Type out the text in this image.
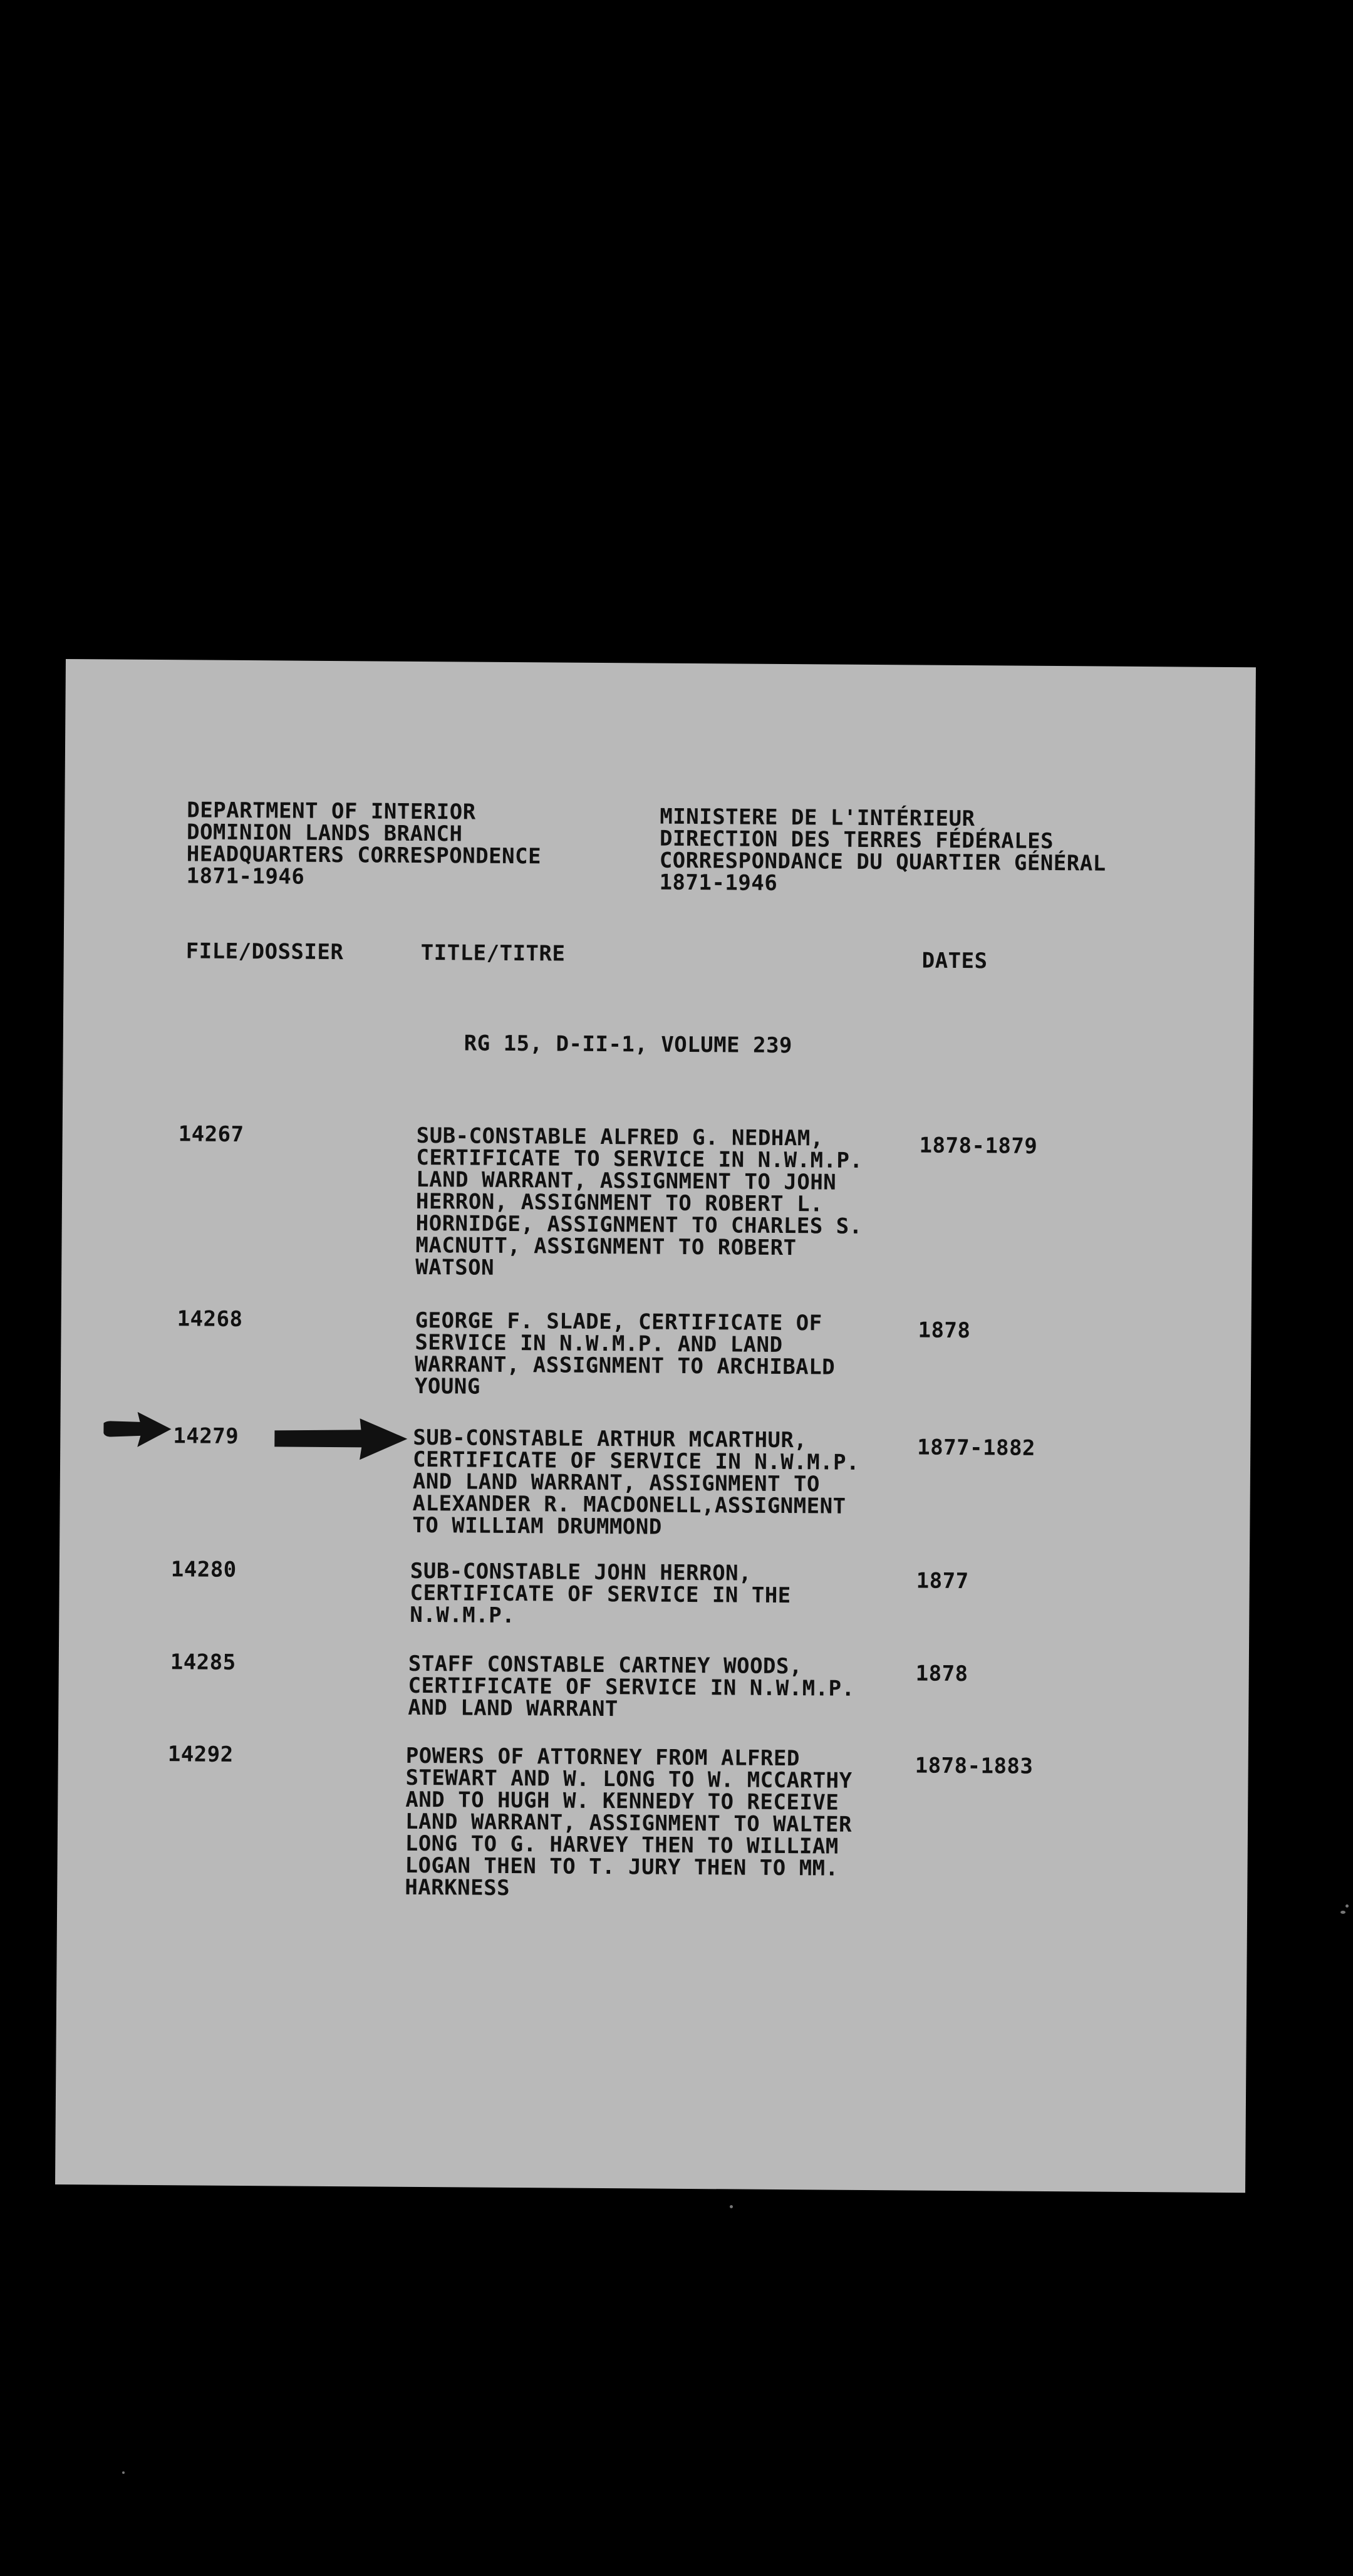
DEPARTMENT OF INTERIOR
DOMINION LANDS BRANCH
HEADQUARTERS CORRESPONDENCE
1871-1946
MINISTERE DE L'INTÉRIEUR
DIRECTION DES TERRES FÉDÉRALES
CORRESPONDANCE DU QUARTIER GÉNÉRAL
1871-1946
FILE/DOSSIER	TITLE/TITRE	DATES
RG 15, D-II-1, VOLUME 239
14267	SUB-CONSTABLE ALFRED G. NEDHAM,
CERTIFICATE TO SERVICE IN N.W.M.P.
LAND WARRANT, ASSIGNMENT TO JOHN
HERRON, ASSIGNMENT TO ROBERT L.
HORNIDGE, ASSIGNMENT TO CHARLES S.
MACNUTT, ASSIGNMENT TO ROBERT
WATSON
1878-1879
14268	GEORGE F. SLADE, CERTIFICATE OF
SERVICE IN N.W.M.P. AND LAND
WARRANT, ASSIGNMENT TO ARCHIBALD
YOUNG
1878
14279	SUB-CONSTABLE ARTHUR MCARTHUR,
CERTIFICATE OF SERVICE IN N.W.M.P.
AND LAND WARRANT, ASSIGNMENT TO
ALEXANDER R. MACDONELL,ASSIGNMENT
TO WILLIAM DRUMMOND
1877-1882
14280	SUB-CONSTABLE JOHN HERRON,
CERTIFICATE OF SERVICE IN THE
N.W.M.P.
1877
14285	STAFF CONSTABLE CARTNEY WOODS,
CERTIFICATE OF SERVICE IN N.W.M.P.
AND LAND WARRANT
1878
14292	POWERS OF ATTORNEY FROM ALFRED
STEWART AND W. LONG TO W. MCCARTHY
AND TO HUGH W. KENNEDY TO RECEIVE
LAND WARRANT, ASSIGNMENT TO WALTER
LONG TO G. HARVEY THEN TO WILLIAM
LOGAN THEN TO T. JURY THEN TO MM.
HARKNESS
1878-1883
